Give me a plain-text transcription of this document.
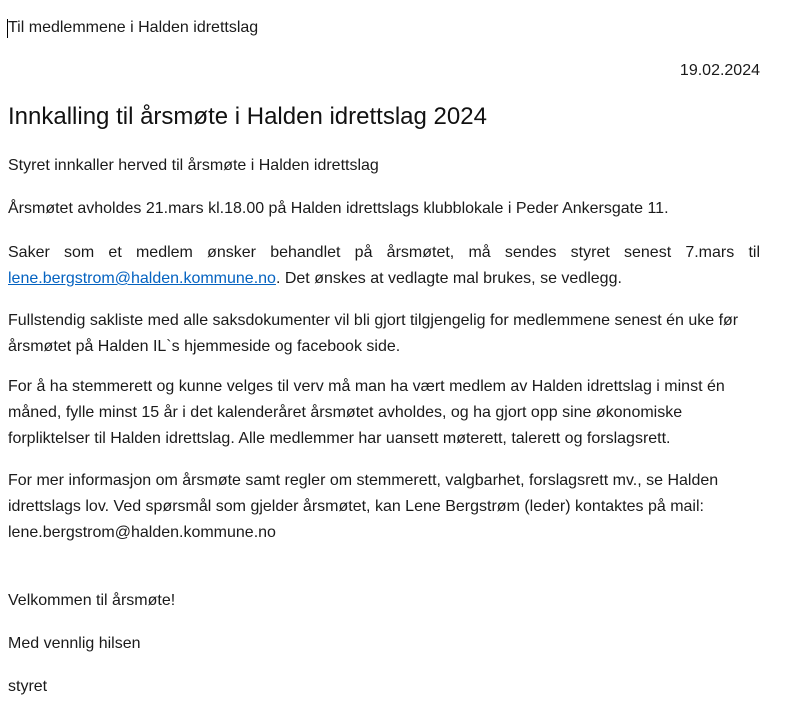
Til medlemmene i Halden idrettslag

19.02.2024
Innkalling til årsmøte i Halden idrettslag 2024

Styret innkaller herved til årsmøte i Halden idrettslag

Årsmøtet avholdes 21.mars kl.18.00 på Halden idrettslags klubblokale i Peder Ankersgate 11.

Saker som et medlem ønsker behandlet på årsmøtet, må sendes styret senest 7.mars til lene.bergstrom@halden.kommune.no. Det ønskes at vedlagte mal brukes, se vedlegg.

Fullstendig sakliste med alle saksdokumenter vil bli gjort tilgjengelig for medlemmene senest én uke før årsmøtet på Halden IL`s hjemmeside og facebook side.

For å ha stemmerett og kunne velges til verv må man ha vært medlem av Halden idrettslag i minst én måned, fylle minst 15 år i det kalenderåret årsmøtet avholdes, og ha gjort opp sine økonomiske forpliktelser til Halden idrettslag. Alle medlemmer har uansett møterett, talerett og forslagsrett.

For mer informasjon om årsmøte samt regler om stemmerett, valgbarhet, forslagsrett mv., se Halden idrettslags lov. Ved spørsmål som gjelder årsmøtet, kan Lene Bergstrøm (leder) kontaktes på mail: lene.bergstrom@halden.kommune.no

Velkommen til årsmøte!

Med vennlig hilsen

styret
